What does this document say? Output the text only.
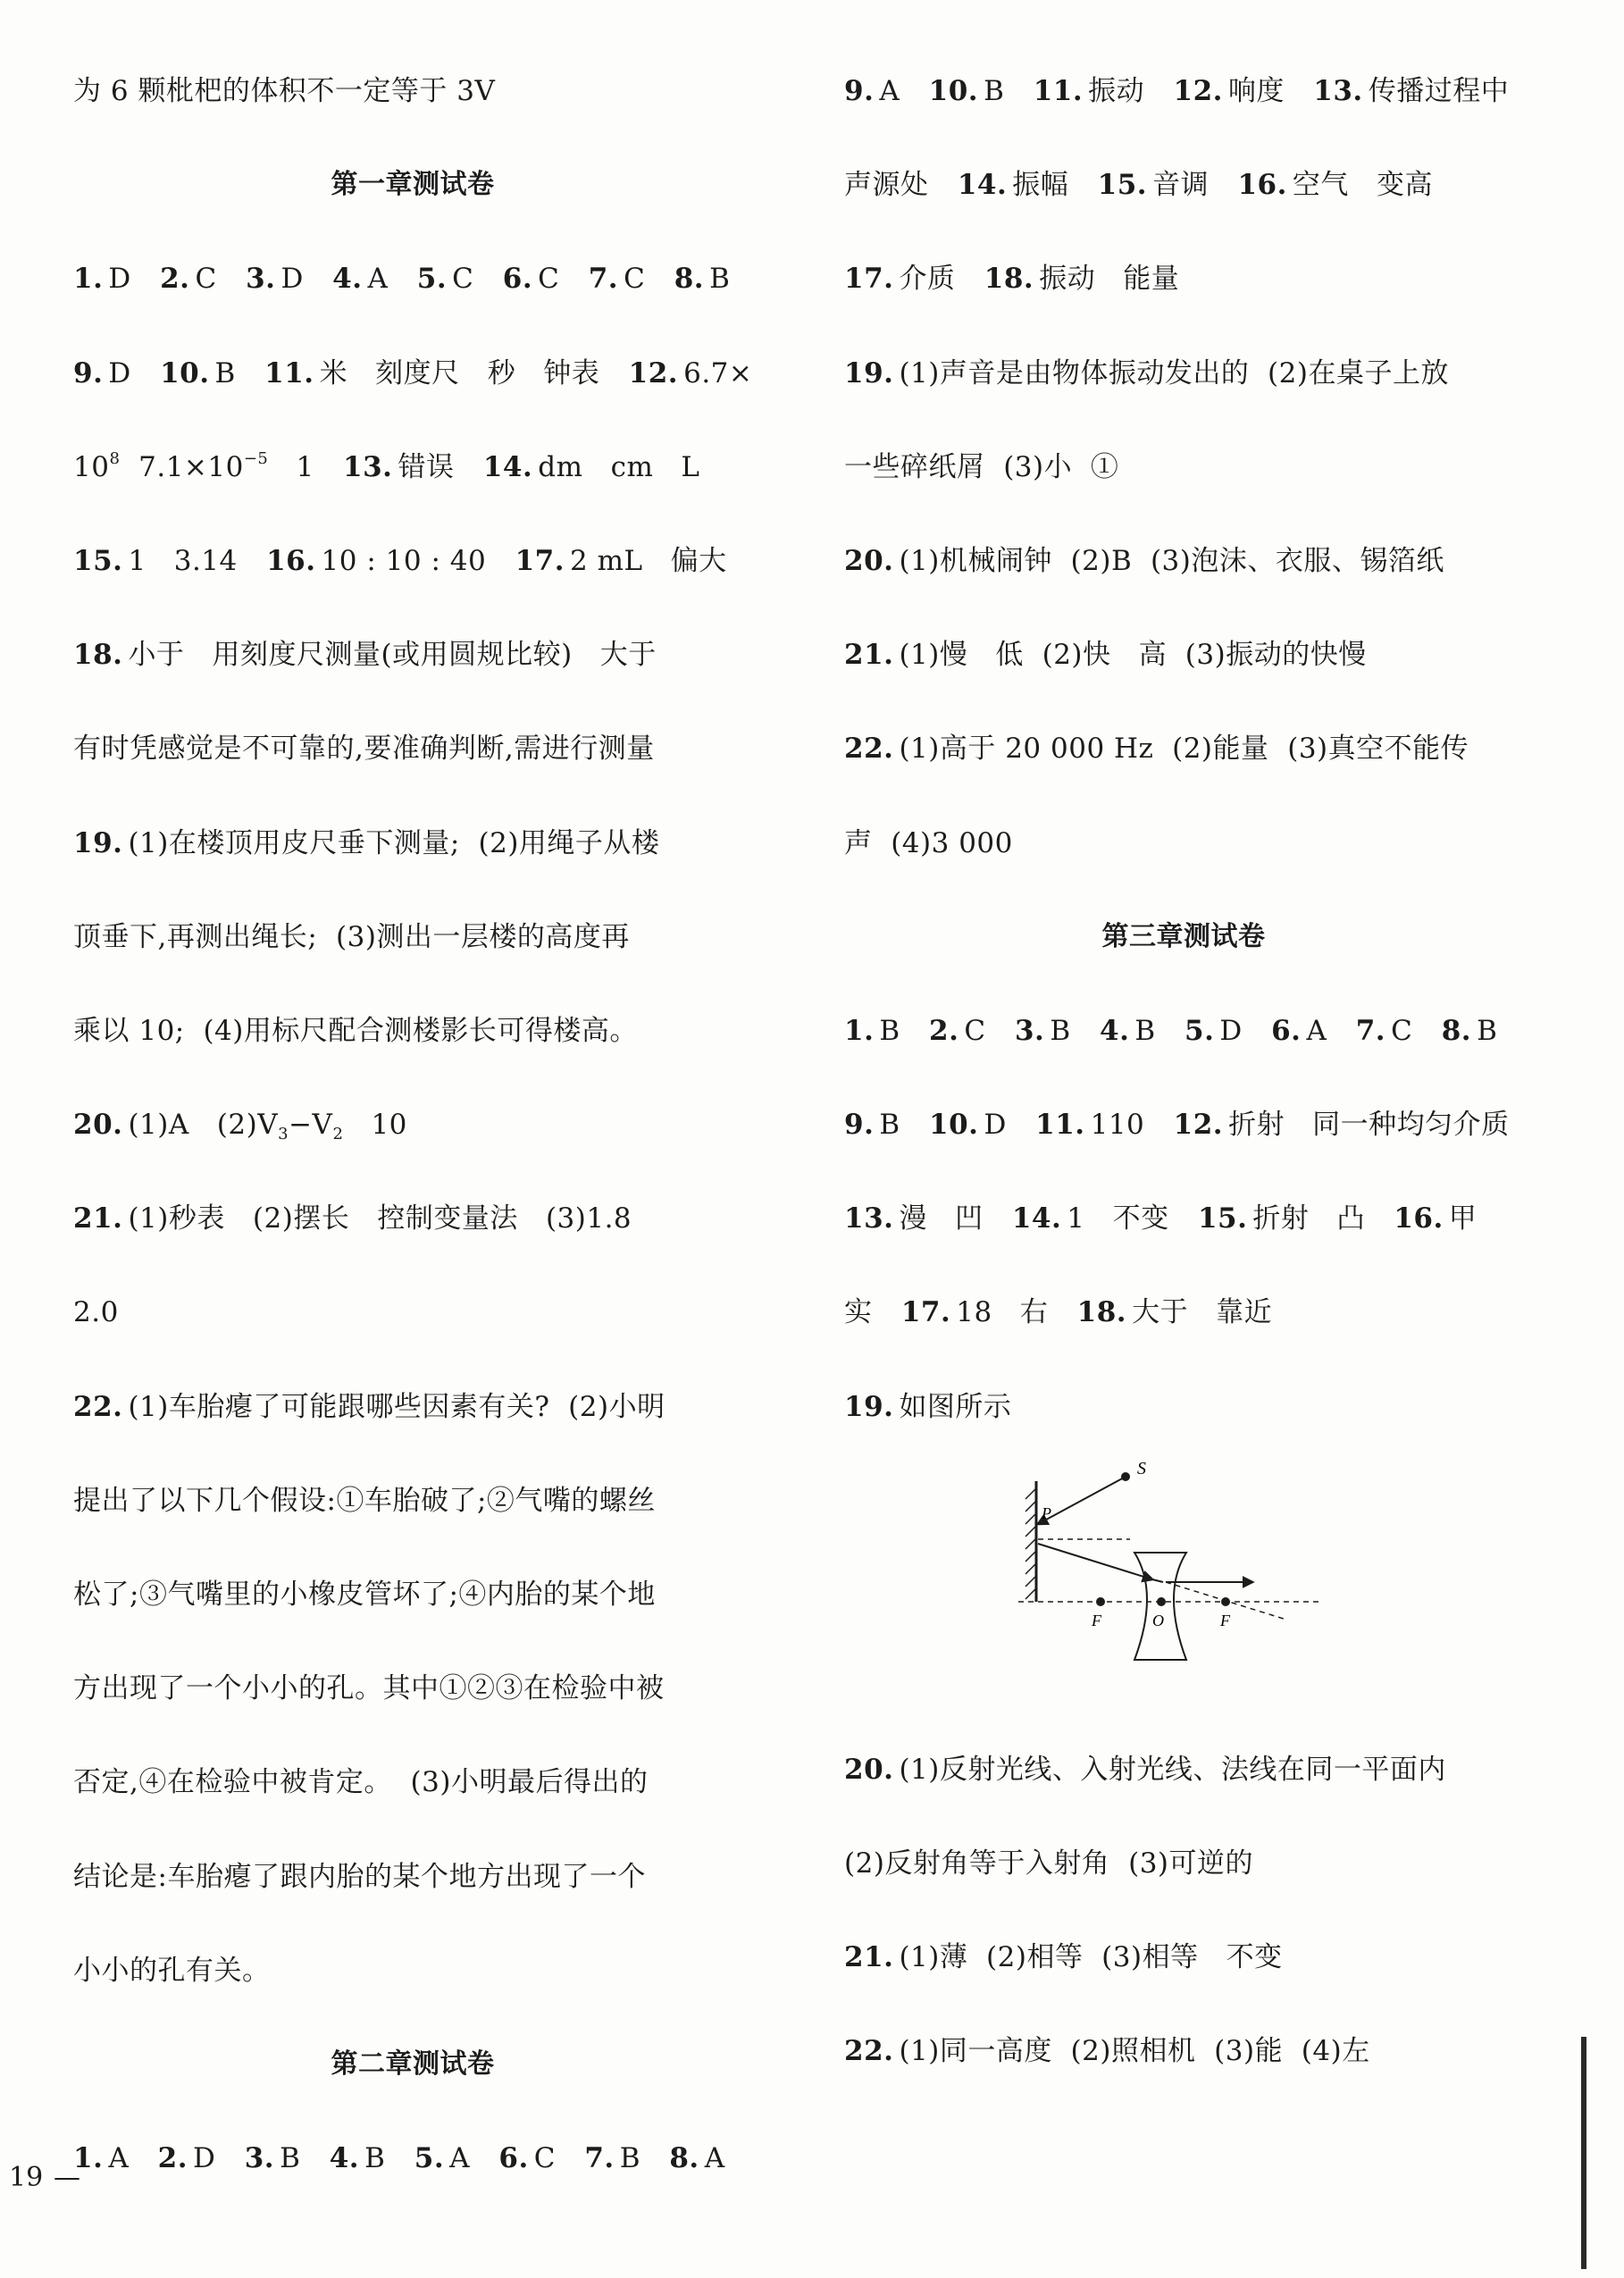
为 6 颗枇杷的体积不一定等于 3V
第一章测试卷
1. D 2. C 3. D 4. A 5. C 6. C 7. C 8. B
9. D 10. B 11. 米   刻度尺   秒   钟表 12. 6.7×
$10^8$  $7.1\times 10^{-5}$   1 13. 错误 14. dm   cm   L
15. 1   3.14 16. 10 : 10 : 40 17. 2 mL   偏大
18. 小于   用刻度尺测量(或用圆规比较)   大于
有时凭感觉是不可靠的,要准确判断,需进行测量
19. (1)在楼顶用皮尺垂下测量;  (2)用绳子从楼
顶垂下,再测出绳长;  (3)测出一层楼的高度再
乘以 10;  (4)用标尺配合测楼影长可得楼高。
20. (1)A   $(2)V_3-V_2$   10
21. (1)秒表   (2)摆长   控制变量法   (3)1.8
2.0
22. (1)车胎瘪了可能跟哪些因素有关?  (2)小明
提出了以下几个假设:①车胎破了;②气嘴的螺丝
松了;③气嘴里的小橡皮管坏了;④内胎的某个地
方出现了一个小小的孔。其中①②③在检验中被
否定,④在检验中被肯定。  (3)小明最后得出的
结论是:车胎瘪了跟内胎的某个地方出现了一个
小小的孔有关。
第二章测试卷
1. A 2. D 3. B 4. B 5. A 6. C 7. B 8. A
9. A 10. B 11. 振动 12. 响度 13. 传播过程中
声源处 14. 振幅 15. 音调 16. 空气   变高
17. 介质 18. 振动   能量
19. (1)声音是由物体振动发出的  (2)在桌子上放
一些碎纸屑  (3)小  ①
20. (1)机械闹钟  (2)B  (3)泡沫、衣服、锡箔纸
21. (1)慢   低  (2)快   高  (3)振动的快慢
22. (1)高于 20 000 Hz  (2)能量  (3)真空不能传
声  (4)3 000
第三章测试卷
1. B 2. C 3. B 4. B 5. D 6. A 7. C 8. B
9. B 10. D 11. 110 12. 折射   同一种均匀介质
13. 漫   凹 14. 1   不变 15. 折射   凸 16. 甲
实 17. 18   右 18. 大于   靠近
19. 如图所示
S
P
F	O	F
20. (1)反射光线、入射光线、法线在同一平面内
(2)反射角等于入射角  (3)可逆的
21. (1)薄  (2)相等  (3)相等   不变
22. (1)同一高度  (2)照相机  (3)能  (4)左
19 —
